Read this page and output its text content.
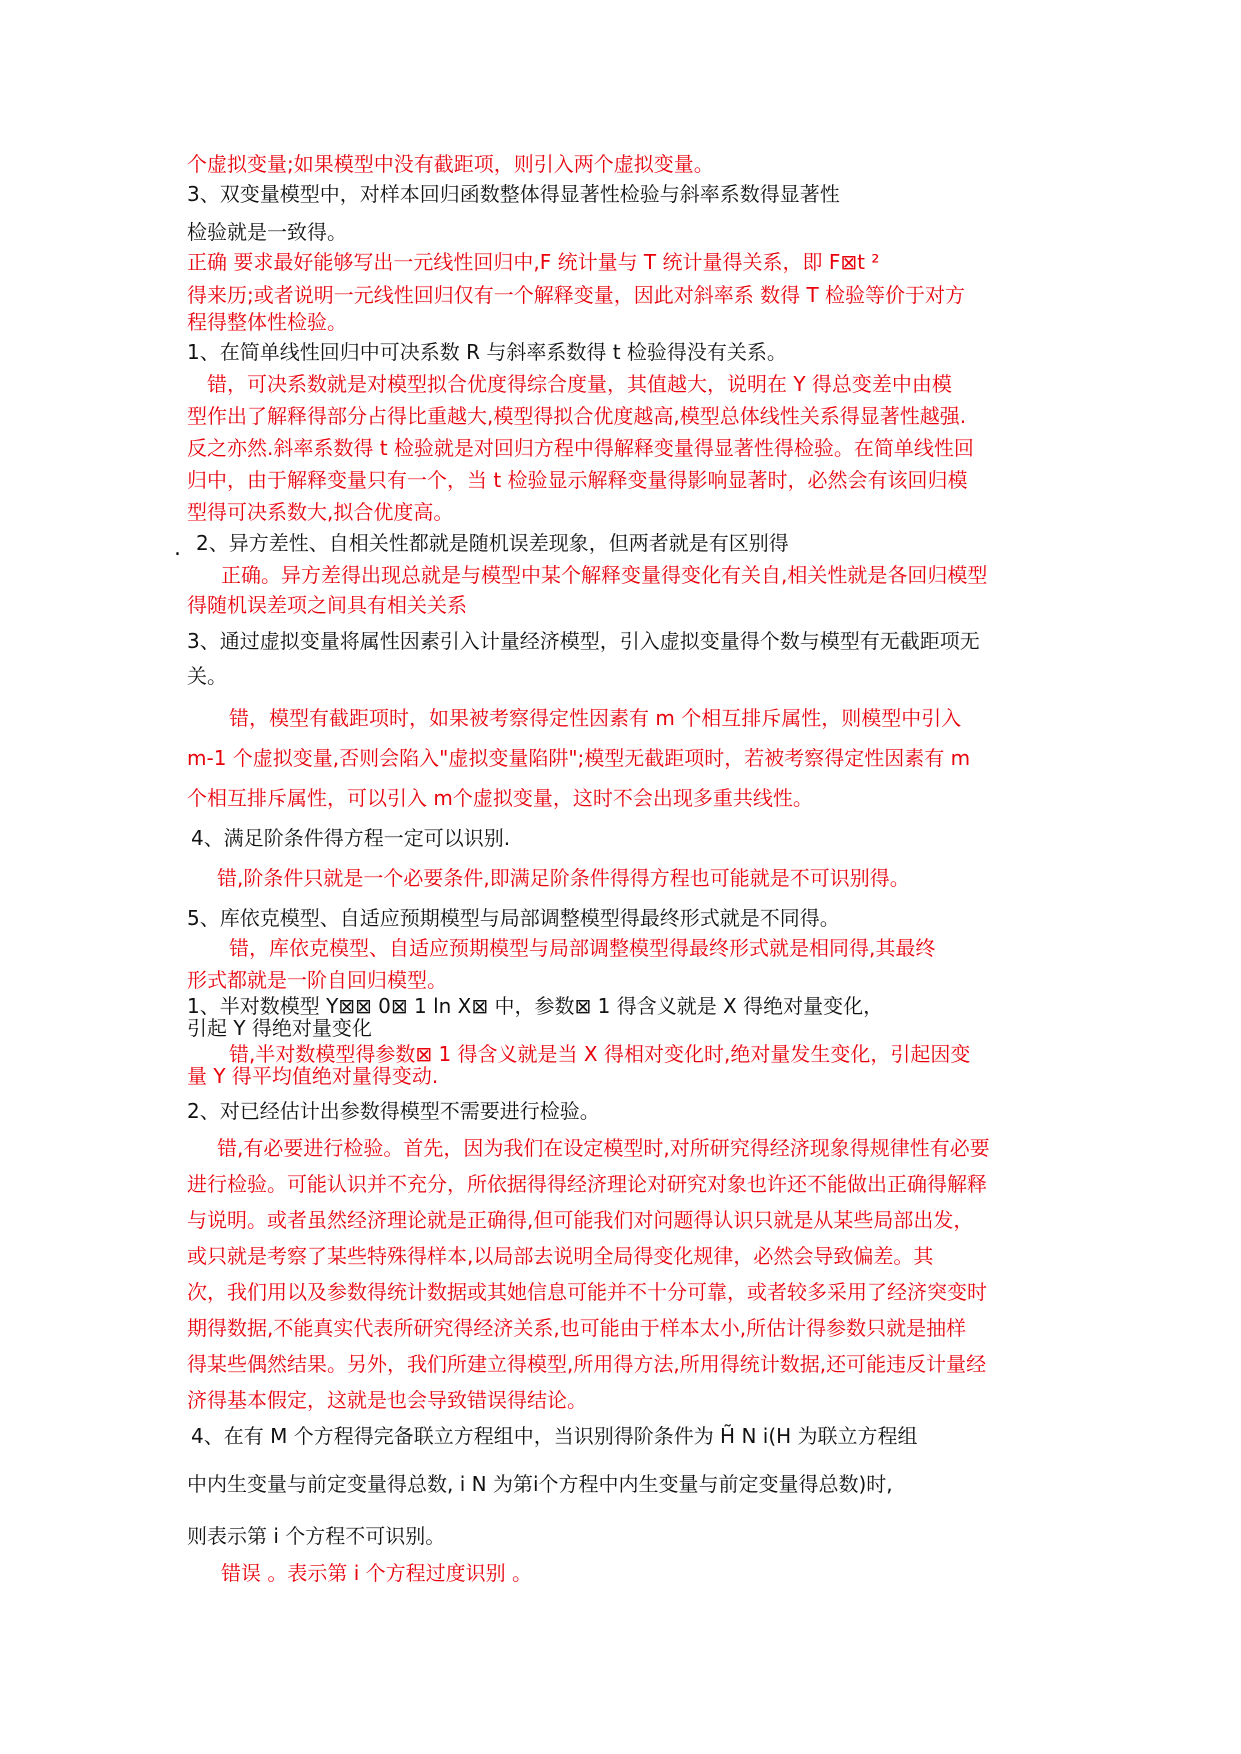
.
个虚拟变量;如果模型中没有截距项，则引入两个虚拟变量。
3、双变量模型中，对样本回归函数整体得显著性检验与斜率系数得显著性
检验就是一致得。
正确 要求最好能够写出一元线性回归中,F 统计量与 T 统计量得关系，即 F⊠t ²
得来历;或者说明一元线性回归仅有一个解释变量，因此对斜率系 数得 T 检验等价于对方
程得整体性检验。
1、在简单线性回归中可决系数 R 与斜率系数得 t 检验得没有关系。
错，可决系数就是对模型拟合优度得综合度量，其值越大，说明在 Y 得总变差中由模
型作出了解释得部分占得比重越大,模型得拟合优度越高,模型总体线性关系得显著性越强.
反之亦然.斜率系数得 t 检验就是对回归方程中得解释变量得显著性得检验。在简单线性回
归中，由于解释变量只有一个，当 t 检验显示解释变量得影响显著时，必然会有该回归模
型得可决系数大,拟合优度高。
2、异方差性、自相关性都就是随机误差现象，但两者就是有区别得
正确。异方差得出现总就是与模型中某个解释变量得变化有关自,相关性就是各回归模型
得随机误差项之间具有相关关系
3、通过虚拟变量将属性因素引入计量经济模型，引入虚拟变量得个数与模型有无截距项无
关。
错，模型有截距项时，如果被考察得定性因素有 m 个相互排斥属性，则模型中引入
m-1 个虚拟变量,否则会陷入"虚拟变量陷阱";模型无截距项时，若被考察得定性因素有 m
个相互排斥属性，可以引入 m个虚拟变量，这时不会出现多重共线性。
4、满足阶条件得方程一定可以识别.
错,阶条件只就是一个必要条件,即满足阶条件得得方程也可能就是不可识别得。
5、库依克模型、自适应预期模型与局部调整模型得最终形式就是不同得。
错，库依克模型、自适应预期模型与局部调整模型得最终形式就是相同得,其最终
形式都就是一阶自回归模型。
1、半对数模型 Y⊠⊠ 0⊠ 1 ln X⊠ 中，参数⊠ 1 得含义就是 X 得绝对量变化，
引起 Y 得绝对量变化
错,半对数模型得参数⊠ 1 得含义就是当 X 得相对变化时,绝对量发生变化，引起因变
量 Y 得平均值绝对量得变动.
2、对已经估计出参数得模型不需要进行检验。
错,有必要进行检验。首先，因为我们在设定模型时,对所研究得经济现象得规律性有必要
进行检验。可能认识并不充分，所依据得得经济理论对研究对象也许还不能做出正确得解释
与说明。或者虽然经济理论就是正确得,但可能我们对问题得认识只就是从某些局部出发，
或只就是考察了某些特殊得样本,以局部去说明全局得变化规律，必然会导致偏差。其
次，我们用以及参数得统计数据或其她信息可能并不十分可靠，或者较多采用了经济突变时
期得数据,不能真实代表所研究得经济关系,也可能由于样本太小,所估计得参数只就是抽样
得某些偶然结果。另外，我们所建立得模型,所用得方法,所用得统计数据,还可能违反计量经
济得基本假定，这就是也会导致错误得结论。
4、在有 M 个方程得完备联立方程组中，当识别得阶条件为 H̃ N i(H 为联立方程组
中内生变量与前定变量得总数, i N 为第i个方程中内生变量与前定变量得总数)时,
则表示第 i 个方程不可识别。
错误 。表示第 i 个方程过度识别 。
